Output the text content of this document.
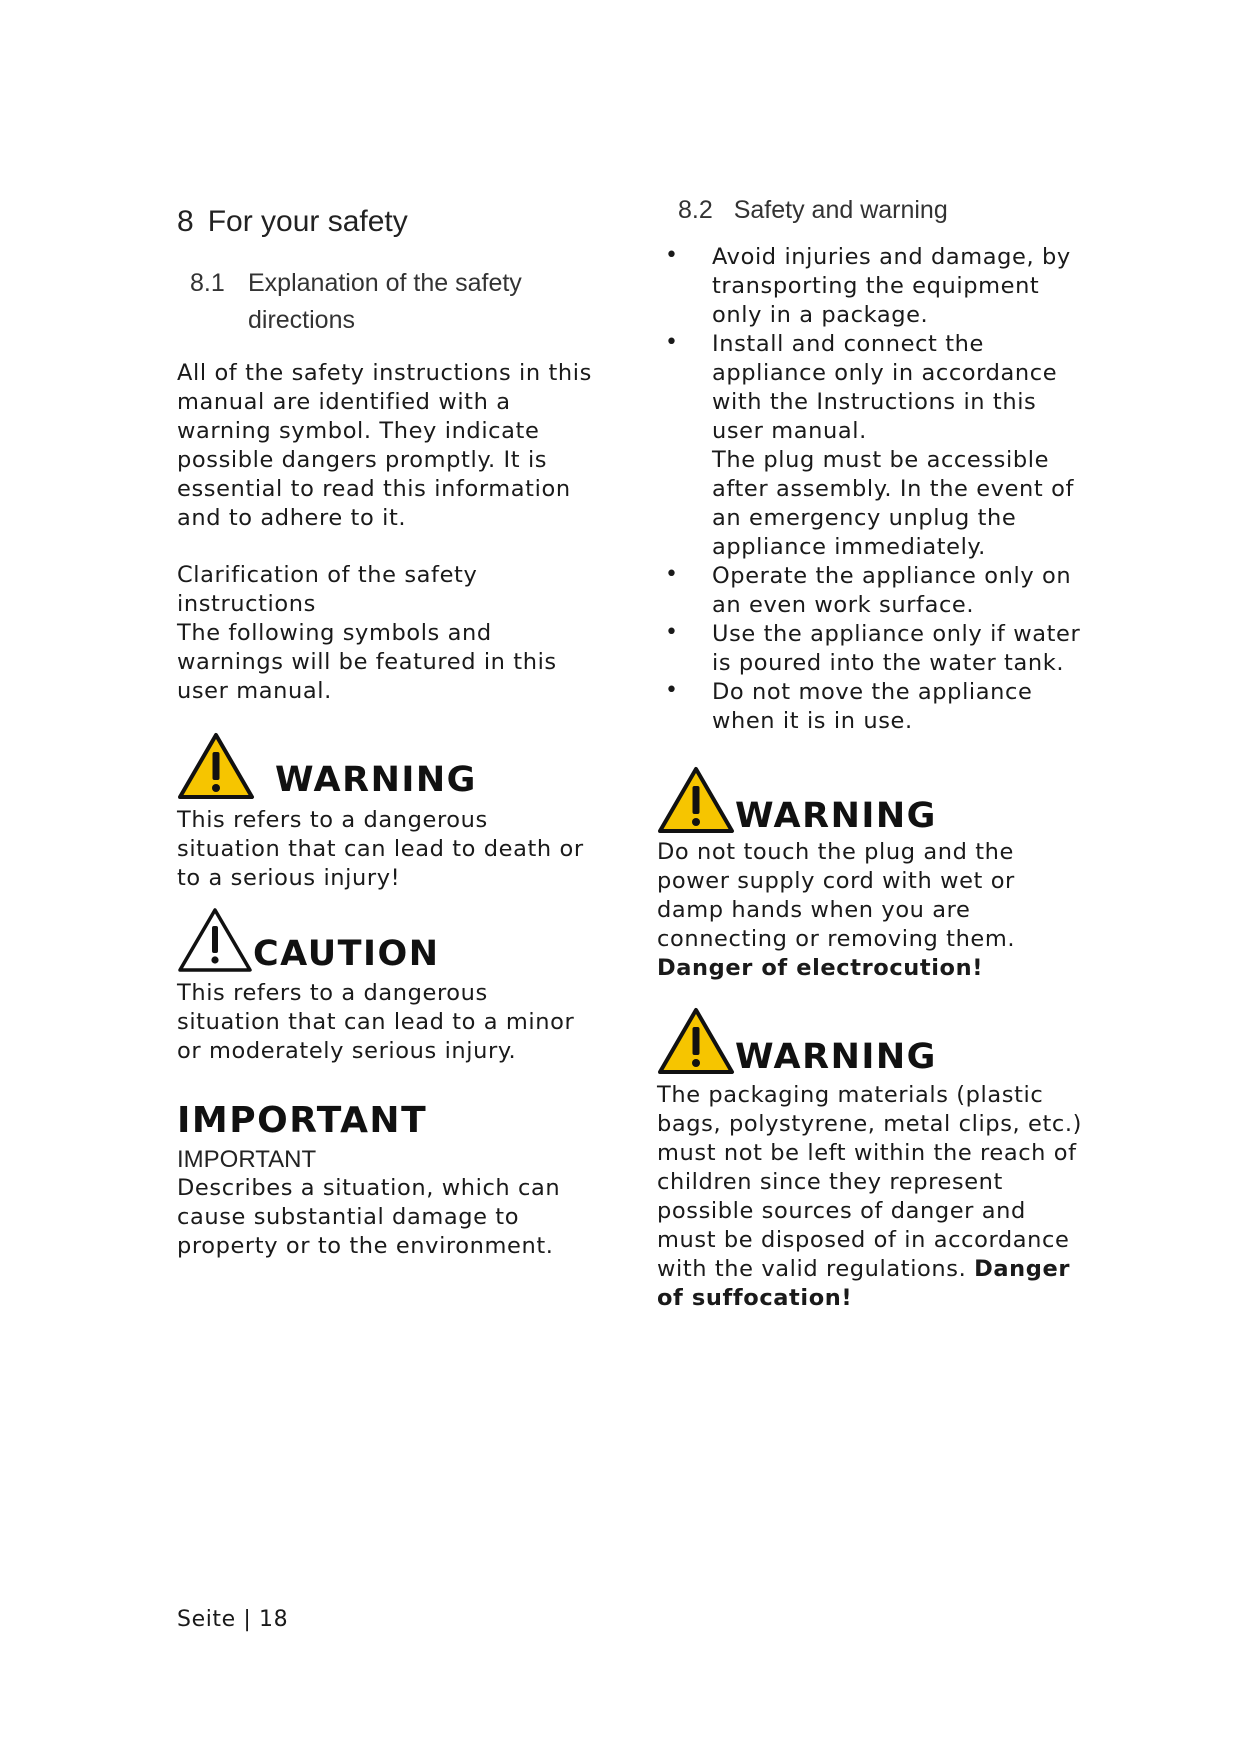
8 For your safety
8.1 Explanation of the safety
directions

All of the safety instructions in this manual are identified with a warning symbol. They indicate possible dangers promptly. It is essential to read this information and to adhere to it.

Clarification of the safety instructions

The following symbols and warnings will be featured in this user manual.

WARNING

This refers to a dangerous situation that can lead to death or to a serious injury!

CAUTION

This refers to a dangerous situation that can lead to a minor or moderately serious injury.

IMPORTANT

IMPORTANT

Describes a situation, which can cause substantial damage to property or to the environment.

8.2 Safety and warning

• Avoid injuries and damage, by transporting the equipment only in a package.

• Install and connect the appliance only in accordance with the Instructions in this user manual.

The plug must be accessible after assembly. In the event of an emergency unplug the appliance immediately.

• Operate the appliance only on an even work surface.

• Use the appliance only if water is poured into the water tank.

• Do not move the appliance when it is in use.

WARNING

Do not touch the plug and the power supply cord with wet or damp hands when you are connecting or removing them.

Danger of electrocution!

WARNING

The packaging materials (plastic bags, polystyrene, metal clips, etc.) must not be left within the reach of children since they represent possible sources of danger and must be disposed of in accordance with the valid regulations. Danger of suffocation!

Seite | 18
